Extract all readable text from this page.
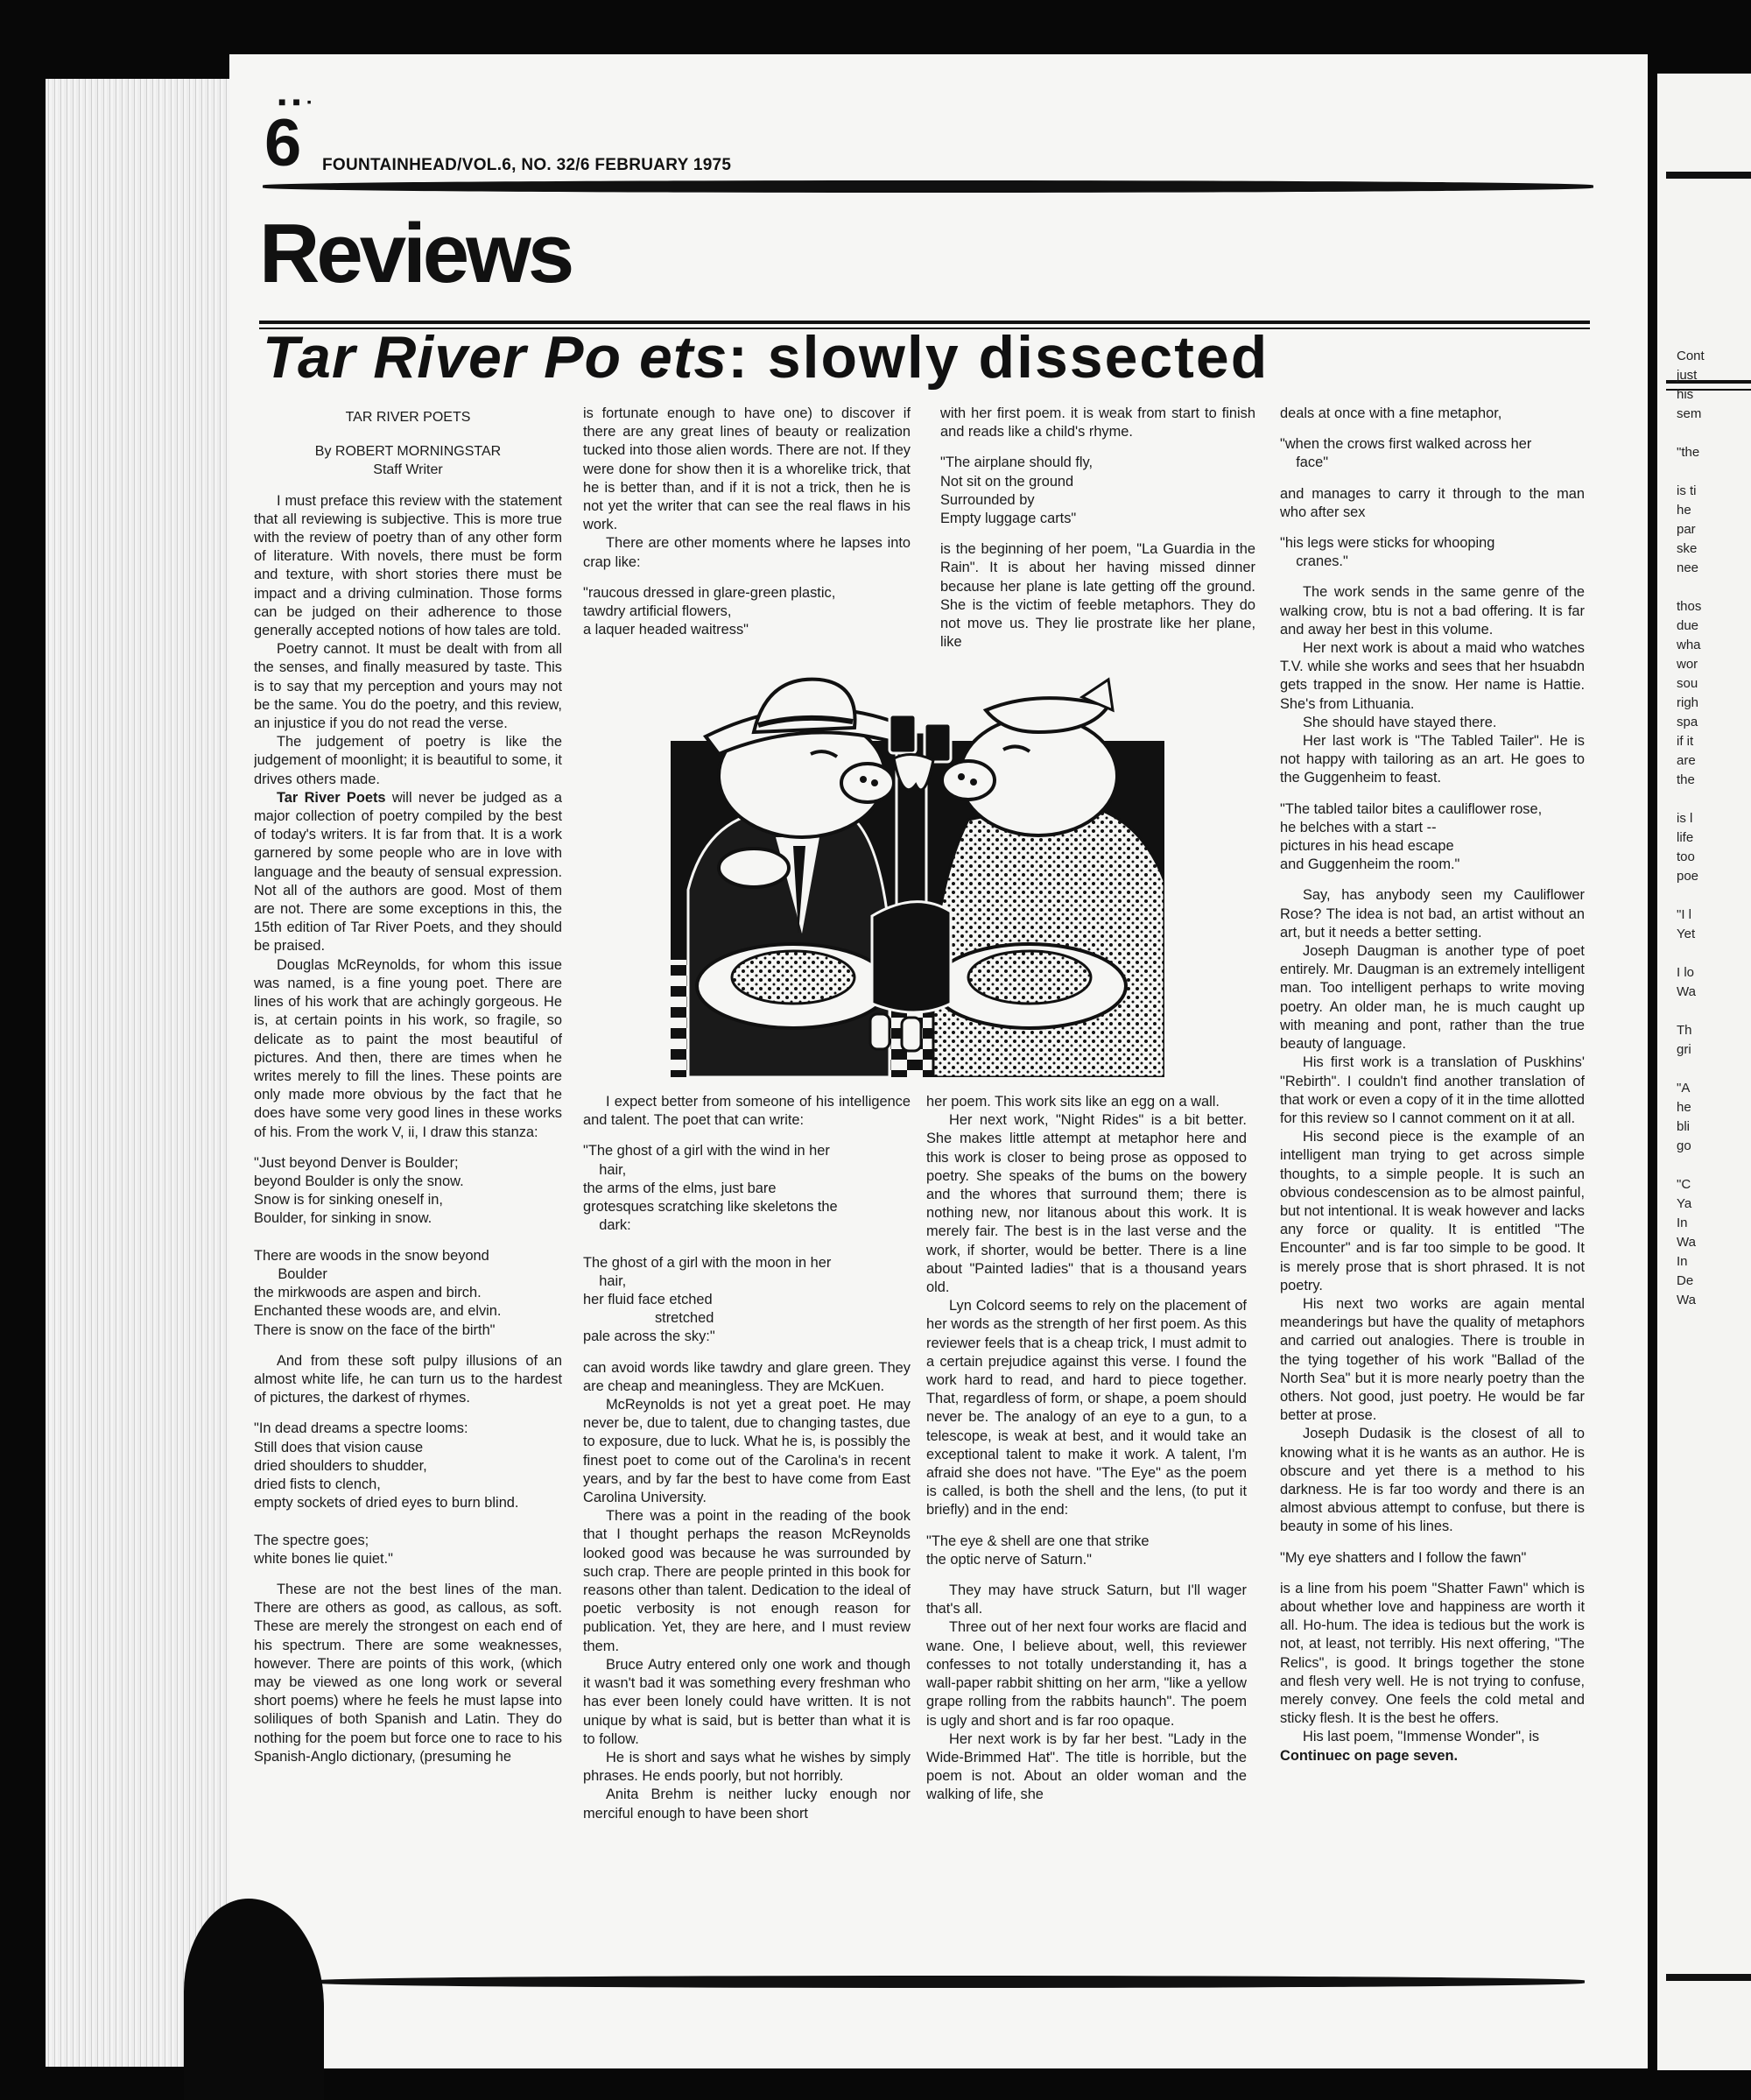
Cont
just
his
sem

"the

is ti
he
par
ske
nee

thos
due
wha
wor
sou
righ
spa
if it
are
the

is l
life
too
poe

"I l
Yet

I lo
Wa

Th
gri

"A
he
bli
go

"C
Ya
In
Wa
In
De
Wa
■ ■ ▪
6 FOUNTAINHEAD/VOL.6, NO. 32/6 FEBRUARY 1975
Reviews
Tar River Po ets: slowly dissected
TAR RIVER POETS
By ROBERT MORNINGSTAR
Staff Writer

I must preface this review with the statement that all reviewing is subjective. This is more true with the review of poetry than of any other form of literature. With novels, there must be form and texture, with short stories there must be impact and a driving culmination. Those forms can be judged on their adherence to those generally accepted notions of how tales are told.

Poetry cannot. It must be dealt with from all the senses, and finally measured by taste. This is to say that my perception and yours may not be the same. You do the poetry, and this review, an injustice if you do not read the verse.

The judgement of poetry is like the judgement of moonlight; it is beautiful to some, it drives others made.

Tar River Poets will never be judged as a major collection of poetry compiled by the best of today's writers. It is far from that. It is a work garnered by some people who are in love with language and the beauty of sensual expression. Not all of the authors are good. Most of them are not. There are some exceptions in this, the 15th edition of Tar River Poets, and they should be praised.

Douglas McReynolds, for whom this issue was named, is a fine young poet. There are lines of his work that are achingly gorgeous. He is, at certain points in his work, so fragile, so delicate as to paint the most beautiful of pictures. And then, there are times when he writes merely to fill the lines. These points are only made more obvious by the fact that he does have some very good lines in these works of his. From the work V, ii, I draw this stanza:

"Just beyond Denver is Boulder;
beyond Boulder is only the snow.
Snow is for sinking oneself in,
Boulder, for sinking in snow.

There are woods in the snow beyond
Boulder
the mirkwoods are aspen and birch.
Enchanted these woods are, and elvin.
There is snow on the face of the birth"

And from these soft pulpy illusions of an almost white life, he can turn us to the hardest of pictures, the darkest of rhymes.

"In dead dreams a spectre looms:
Still does that vision cause
dried shoulders to shudder,
dried fists to clench,
empty sockets of dried eyes to burn blind.

The spectre goes;
white bones lie quiet."

These are not the best lines of the man. There are others as good, as callous, as soft. These are merely the strongest on each end of his spectrum. There are some weaknesses, however. There are points of this work, (which may be viewed as one long work or several short poems) where he feels he must lapse into soliliques of both Spanish and Latin. They do nothing for the poem but force one to race to his Spanish-Anglo dictionary, (presuming he

is fortunate enough to have one) to discover if there are any great lines of beauty or realization tucked into those alien words. There are not. If they were done for show then it is a whorelike trick, that he is better than, and if it is not a trick, then he is not yet the writer that can see the real flaws in his work.

There are other moments where he lapses into crap like:

"raucous dressed in glare-green plastic,
tawdry artificial flowers,
a laquer headed waitress"

with her first poem. it is weak from start to finish and reads like a child's rhyme.

"The airplane should fly,
Not sit on the ground
Surrounded by
Empty luggage carts"

is the beginning of her poem, "La Guardia in the Rain". It is about her having missed dinner because her plane is late getting off the ground. She is the victim of feeble metaphors. They do not move us. They lie prostrate like her plane, like

deals at once with a fine metaphor,

"when the crows first walked across her
face"

and manages to carry it through to the man who after sex

"his legs were sticks for whooping
cranes."

The work sends in the same genre of the walking crow, btu is not a bad offering. It is far and away her best in this volume.

Her next work is about a maid who watches T.V. while she works and sees that her hsuabdn gets trapped in the snow. Her name is Hattie. She's from Lithuania.

She should have stayed there.

Her last work is "The Tabled Tailer". He is not happy with tailoring as an art. He goes to the Guggenheim to feast.

"The tabled tailor bites a cauliflower rose,
he belches with a start --
pictures in his head escape
and Guggenheim the room."

Say, has anybody seen my Cauliflower Rose? The idea is not bad, an artist without an art, but it needs a better setting.

Joseph Daugman is another type of poet entirely. Mr. Daugman is an extremely intelligent man. Too intelligent perhaps to write moving poetry. An older man, he is much caught up with meaning and pont, rather than the true beauty of language.

His first work is a translation of Puskhins' "Rebirth". I couldn't find another translation of that work or even a copy of it in the time allotted for this review so I cannot comment on it at all.

His second piece is the example of an intelligent man trying to get across simple thoughts, to a simple people. It is such an obvious condescension as to be almost painful, but not intentional. It is weak however and lacks any force or quality. It is entitled "The Encounter" and is far too simple to be good. It is merely prose that is short phrased. It is not poetry.

His next two works are again mental meanderings but have the quality of metaphors and carried out analogies. There is trouble in the tying together of his work "Ballad of the North Sea" but it is more nearly poetry than the others. Not good, just poetry. He would be far better at prose.

Joseph Dudasik is the closest of all to knowing what it is he wants as an author. He is obscure and yet there is a method to his darkness. He is far too wordy and there is an almost abvious attempt to confuse, but there is beauty in some of his lines.

"My eye shatters and I follow the fawn"

is a line from his poem "Shatter Fawn" which is about whether love and happiness are worth it all. Ho-hum. The idea is tedious but the work is not, at least, not terribly. His next offering, "The Relics", is good. It brings together the stone and flesh very well. He is not trying to confuse, merely convey. One feels the cold metal and sticky flesh. It is the best he offers.

His last poem, "Immense Wonder", is

Continuec on page seven.

I expect better from someone of his intelligence and talent. The poet that can write:

"The ghost of a girl with the wind in her
hair,
the arms of the elms, just bare
grotesques scratching like skeletons the
dark:

The ghost of a girl with the moon in her
hair,
her fluid face etched
stretched
pale across the sky:"

can avoid words like tawdry and glare green. They are cheap and meaningless. They are McKuen.

McReynolds is not yet a great poet. He may never be, due to talent, due to changing tastes, due to exposure, due to luck. What he is, is possibly the finest poet to come out of the Carolina's in recent years, and by far the best to have come from East Carolina University.

There was a point in the reading of the book that I thought perhaps the reason McReynolds looked good was because he was surrounded by such crap. There are people printed in this book for reasons other than talent. Dedication to the ideal of poetic verbosity is not enough reason for publication. Yet, they are here, and I must review them.

Bruce Autry entered only one work and though it wasn't bad it was something every freshman who has ever been lonely could have written. It is not unique by what is said, but is better than what it is to follow.

He is short and says what he wishes by simply phrases. He ends poorly, but not horribly.

Anita Brehm is neither lucky enough nor merciful enough to have been short

her poem. This work sits like an egg on a wall.

Her next work, "Night Rides" is a bit better. She makes little attempt at metaphor here and this work is closer to being prose as opposed to poetry. She speaks of the bums on the bowery and the whores that surround them; there is nothing new, nor litanous about this work. It is merely fair. The best is in the last verse and the work, if shorter, would be better. There is a line about "Painted ladies" that is a thousand years old.

Lyn Colcord seems to rely on the placement of her words as the strength of her first poem. As this reviewer feels that is a cheap trick, I must admit to a certain prejudice against this verse. I found the work hard to read, and hard to piece together. That, regardless of form, or shape, a poem should never be. The analogy of an eye to a gun, to a telescope, is weak at best, and it would take an exceptional talent to make it work. A talent, I'm afraid she does not have. "The Eye" as the poem is called, is both the shell and the lens, (to put it briefly) and in the end:

"The eye & shell are one that strike
the optic nerve of Saturn."

They may have struck Saturn, but I'll wager that's all.

Three out of her next four works are flacid and wane. One, I believe about, well, this reviewer confesses to not totally understanding it, has a wall-paper rabbit shitting on her arm, "like a yellow grape rolling from the rabbits haunch". The poem is ugly and short and is far roo opaque.

Her next work is by far her best. "Lady in the Wide-Brimmed Hat". The title is horrible, but the poem is not. About an older woman and the walking of life, she
